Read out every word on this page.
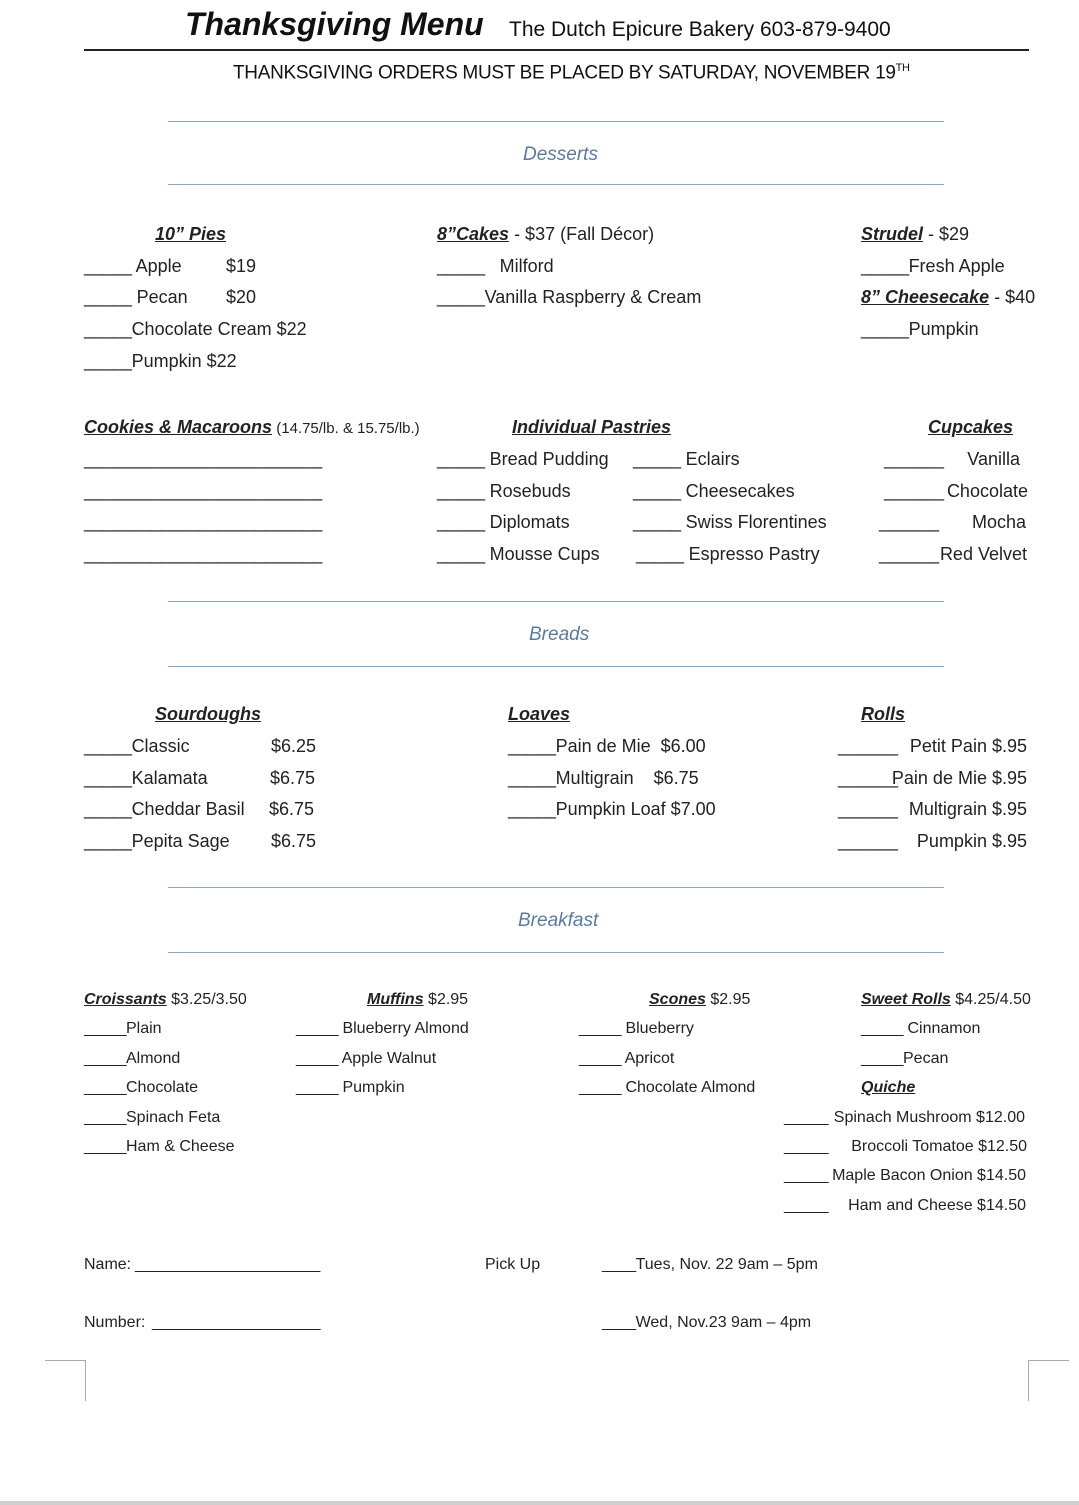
Thanksgiving Menu The Dutch Epicure Bakery 603-879-9400
THANKSGIVING ORDERS MUST BE PLACED BY SATURDAY, NOVEMBER 19TH
Desserts
10” Pies
_____ Apple $19
_____ Pecan $20
_____Chocolate Cream $22
_____Pumpkin $22
8”Cakes - $37 (Fall Décor)
_____ Milford
_____Vanilla Raspberry & Cream
Strudel - $29
_____Fresh Apple
8” Cheesecake - $40
_____Pumpkin
Cookies & Macaroons (14.75/lb. & 15.75/lb.)
_________________________
_________________________
_________________________
_________________________
Individual Pastries
_____ Bread Pudding
_____ Rosebuds
_____ Diplomats
_____ Mousse Cups
_____ Eclairs
_____ Cheesecakes
_____ Swiss Florentines
_____ Espresso Pastry
Cupcakes
______ Vanilla
______ Chocolate
______ Mocha
______ Red Velvet
Breads
Sourdoughs
_____Classic	$6.25
_____Kalamata	$6.75
_____Cheddar Basil $6.75
_____Pepita Sage $6.75
Loaves
_____Pain de Mie  $6.00
_____Multigrain    $6.75
_____Pumpkin Loaf $7.00
Rolls
______ Petit Pain $.95
______
Pain de Mie $.95
______ Multigrain $.95
______ Pumpkin $.95
Breakfast
Croissants $3.25/3.50
_____Plain
_____Almond
_____Chocolate
_____Spinach Feta
_____Ham & Cheese
Muffins $2.95
_____ Blueberry Almond
_____ Apple Walnut
_____ Pumpkin
Scones $2.95
_____ Blueberry
_____ Apricot
_____ Chocolate Almond
Sweet Rolls $4.25/4.50
_____ Cinnamon
_____Pecan
Quiche
_____ Spinach Mushroom $12.00
_____ Broccoli Tomatoe $12.50
_____ Maple Bacon Onion $14.50
_____ Ham and Cheese $14.50
Name: ______________________	Pick Up	____Tues, Nov. 22 9am – 5pm
Number: ____________________	____Wed, Nov.23 9am – 4pm
